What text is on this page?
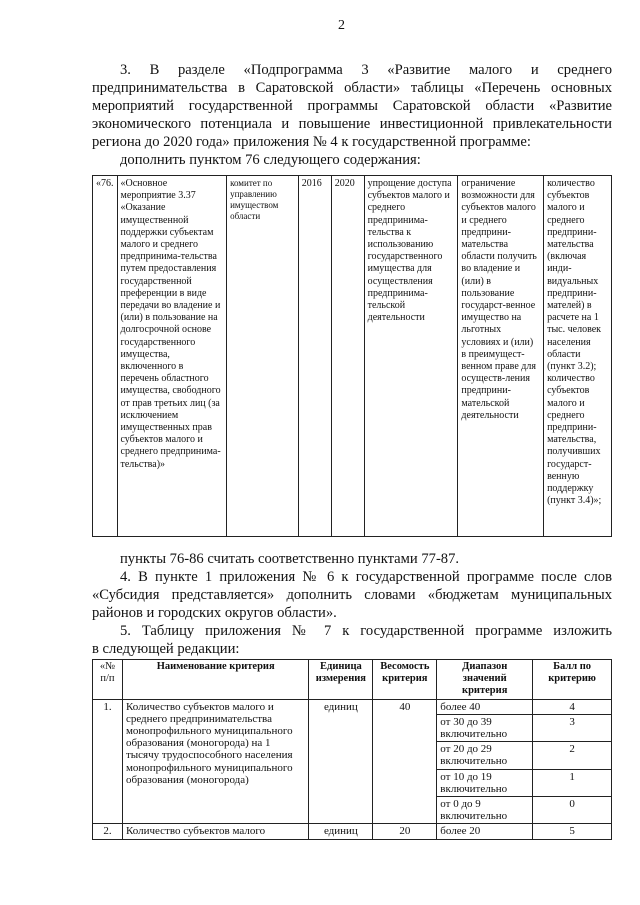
2
3. В разделе «Подпрограмма 3 «Развитие малого и среднего
предпринимательства в Саратовской области» таблицы «Перечень основных
мероприятий государственной программы Саратовской области «Развитие
экономического потенциала и повышение инвестиционной привлекательности
региона до 2020 года» приложения № 4 к государственной программе:
дополнить пунктом 76 следующего содержания:
«76.	«Основное мероприятие 3.37 «Оказание имущественной поддержки субъектам малого и среднего предпринима-тельства путем предоставления государственной преференции в виде передачи во владение и (или) в пользование на долгосрочной основе государственного имущества, включенного в перечень областного имущества, свободного от прав третьих лиц (за исключением имущественных прав субъектов малого и среднего предпринима-тельства)»	комитет по управлению имуществом области	2016	2020	упрощение доступа субъектов малого и среднего предпринима-тельства к использованию государственного имущества для осуществления предпринима-тельской деятельности	ограничение возможности для субъектов малого и среднего предприни-мательства области получить во владение и (или) в пользование государст-венное имущество на льготных условиях и (или) в преимущест-венном праве для осуществ-ления предприни-мательской деятельности	количество субъектов малого и среднего предприни-мательства (включая инди-видуальных предприни-мателей) в расчете на 1 тыс. человек населения области (пункт 3.2); количество субъектов малого и среднего предприни-мательства, получивших государст-венную поддержку (пункт 3.4)»;
пункты 76-86 считать соответственно пунктами 77-87.
4. В пункте 1 приложения № 6 к государственной программе после слов
«Субсидия представляется» дополнить словами «бюджетам муниципальных
районов и городских округов области».
5. Таблицу приложения № 7 к государственной программе изложить
в следующей редакции:
«№ п/п	Наименование критерия	Единица измерения	Весомость критерия	Диапазон значений критерия	Балл по критерию
1.	Количество субъектов малого и среднего предпринимательства монопрофильного муниципального образования (моногорода) на 1 тысячу трудоспособного населения монопрофильного муниципального образования (моногорода)	единиц	40	более 40	4
				от 30 до 39 включительно	3
				от 20 до 29 включительно	2
				от 10 до 19 включительно	1
				от 0 до 9 включительно	0
2.	Количество субъектов малого	единиц	20	более 20	5
